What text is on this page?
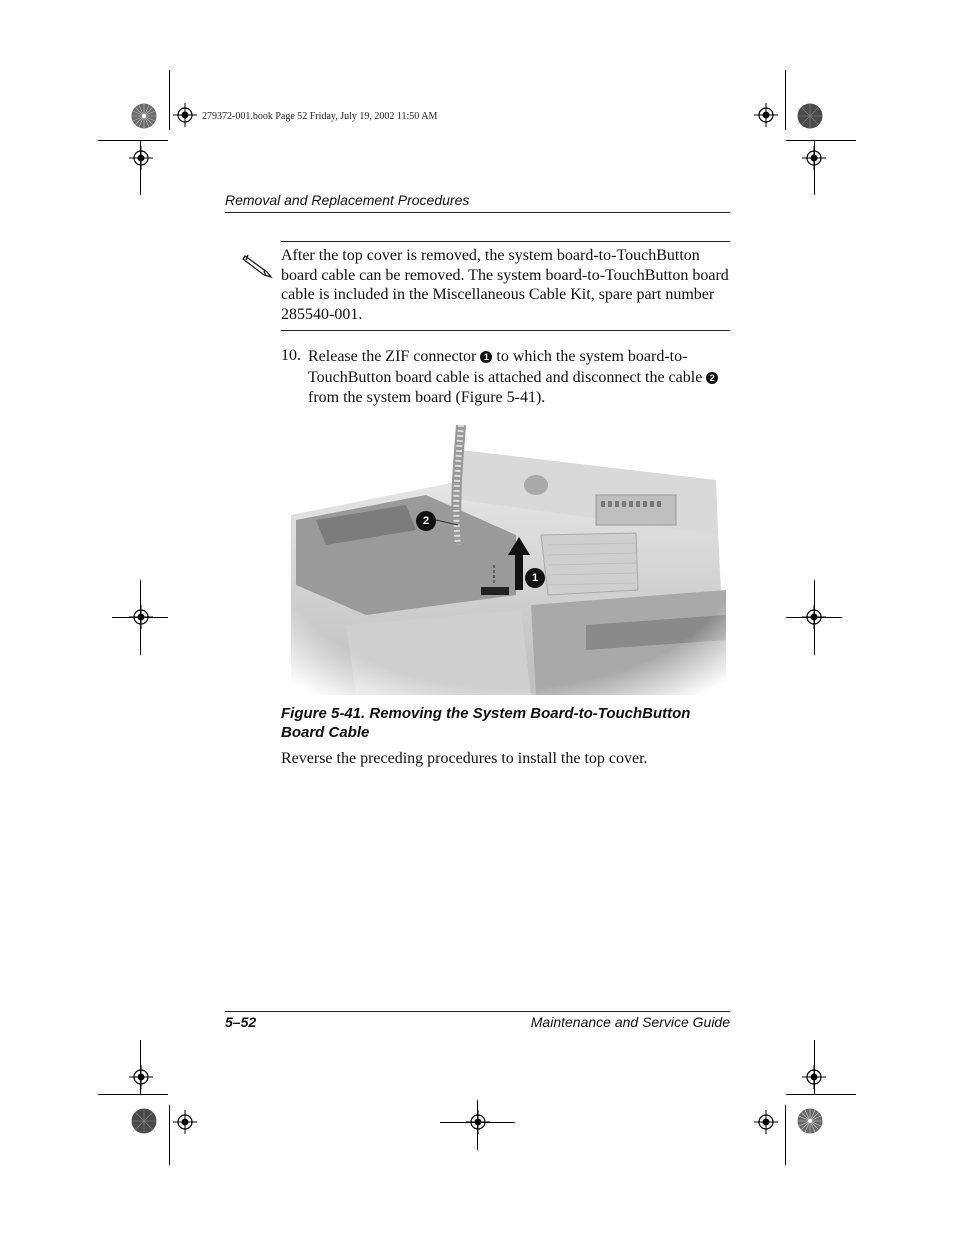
279372-001.book Page 52 Friday, July 19, 2002 11:50 AM
Removal and Replacement Procedures
After the top cover is removed, the system board-to-TouchButton board cable can be removed. The system board-to-TouchButton board cable is included in the Miscellaneous Cable Kit, spare part number 285540-001.
10. Release the ZIF connector 1 to which the system board-to-TouchButton board cable is attached and disconnect the cable 2 from the system board (Figure 5-41).
2
1
Figure 5-41. Removing the System Board-to-TouchButton Board Cable
Reverse the preceding procedures to install the top cover.
5–52	Maintenance and Service Guide
